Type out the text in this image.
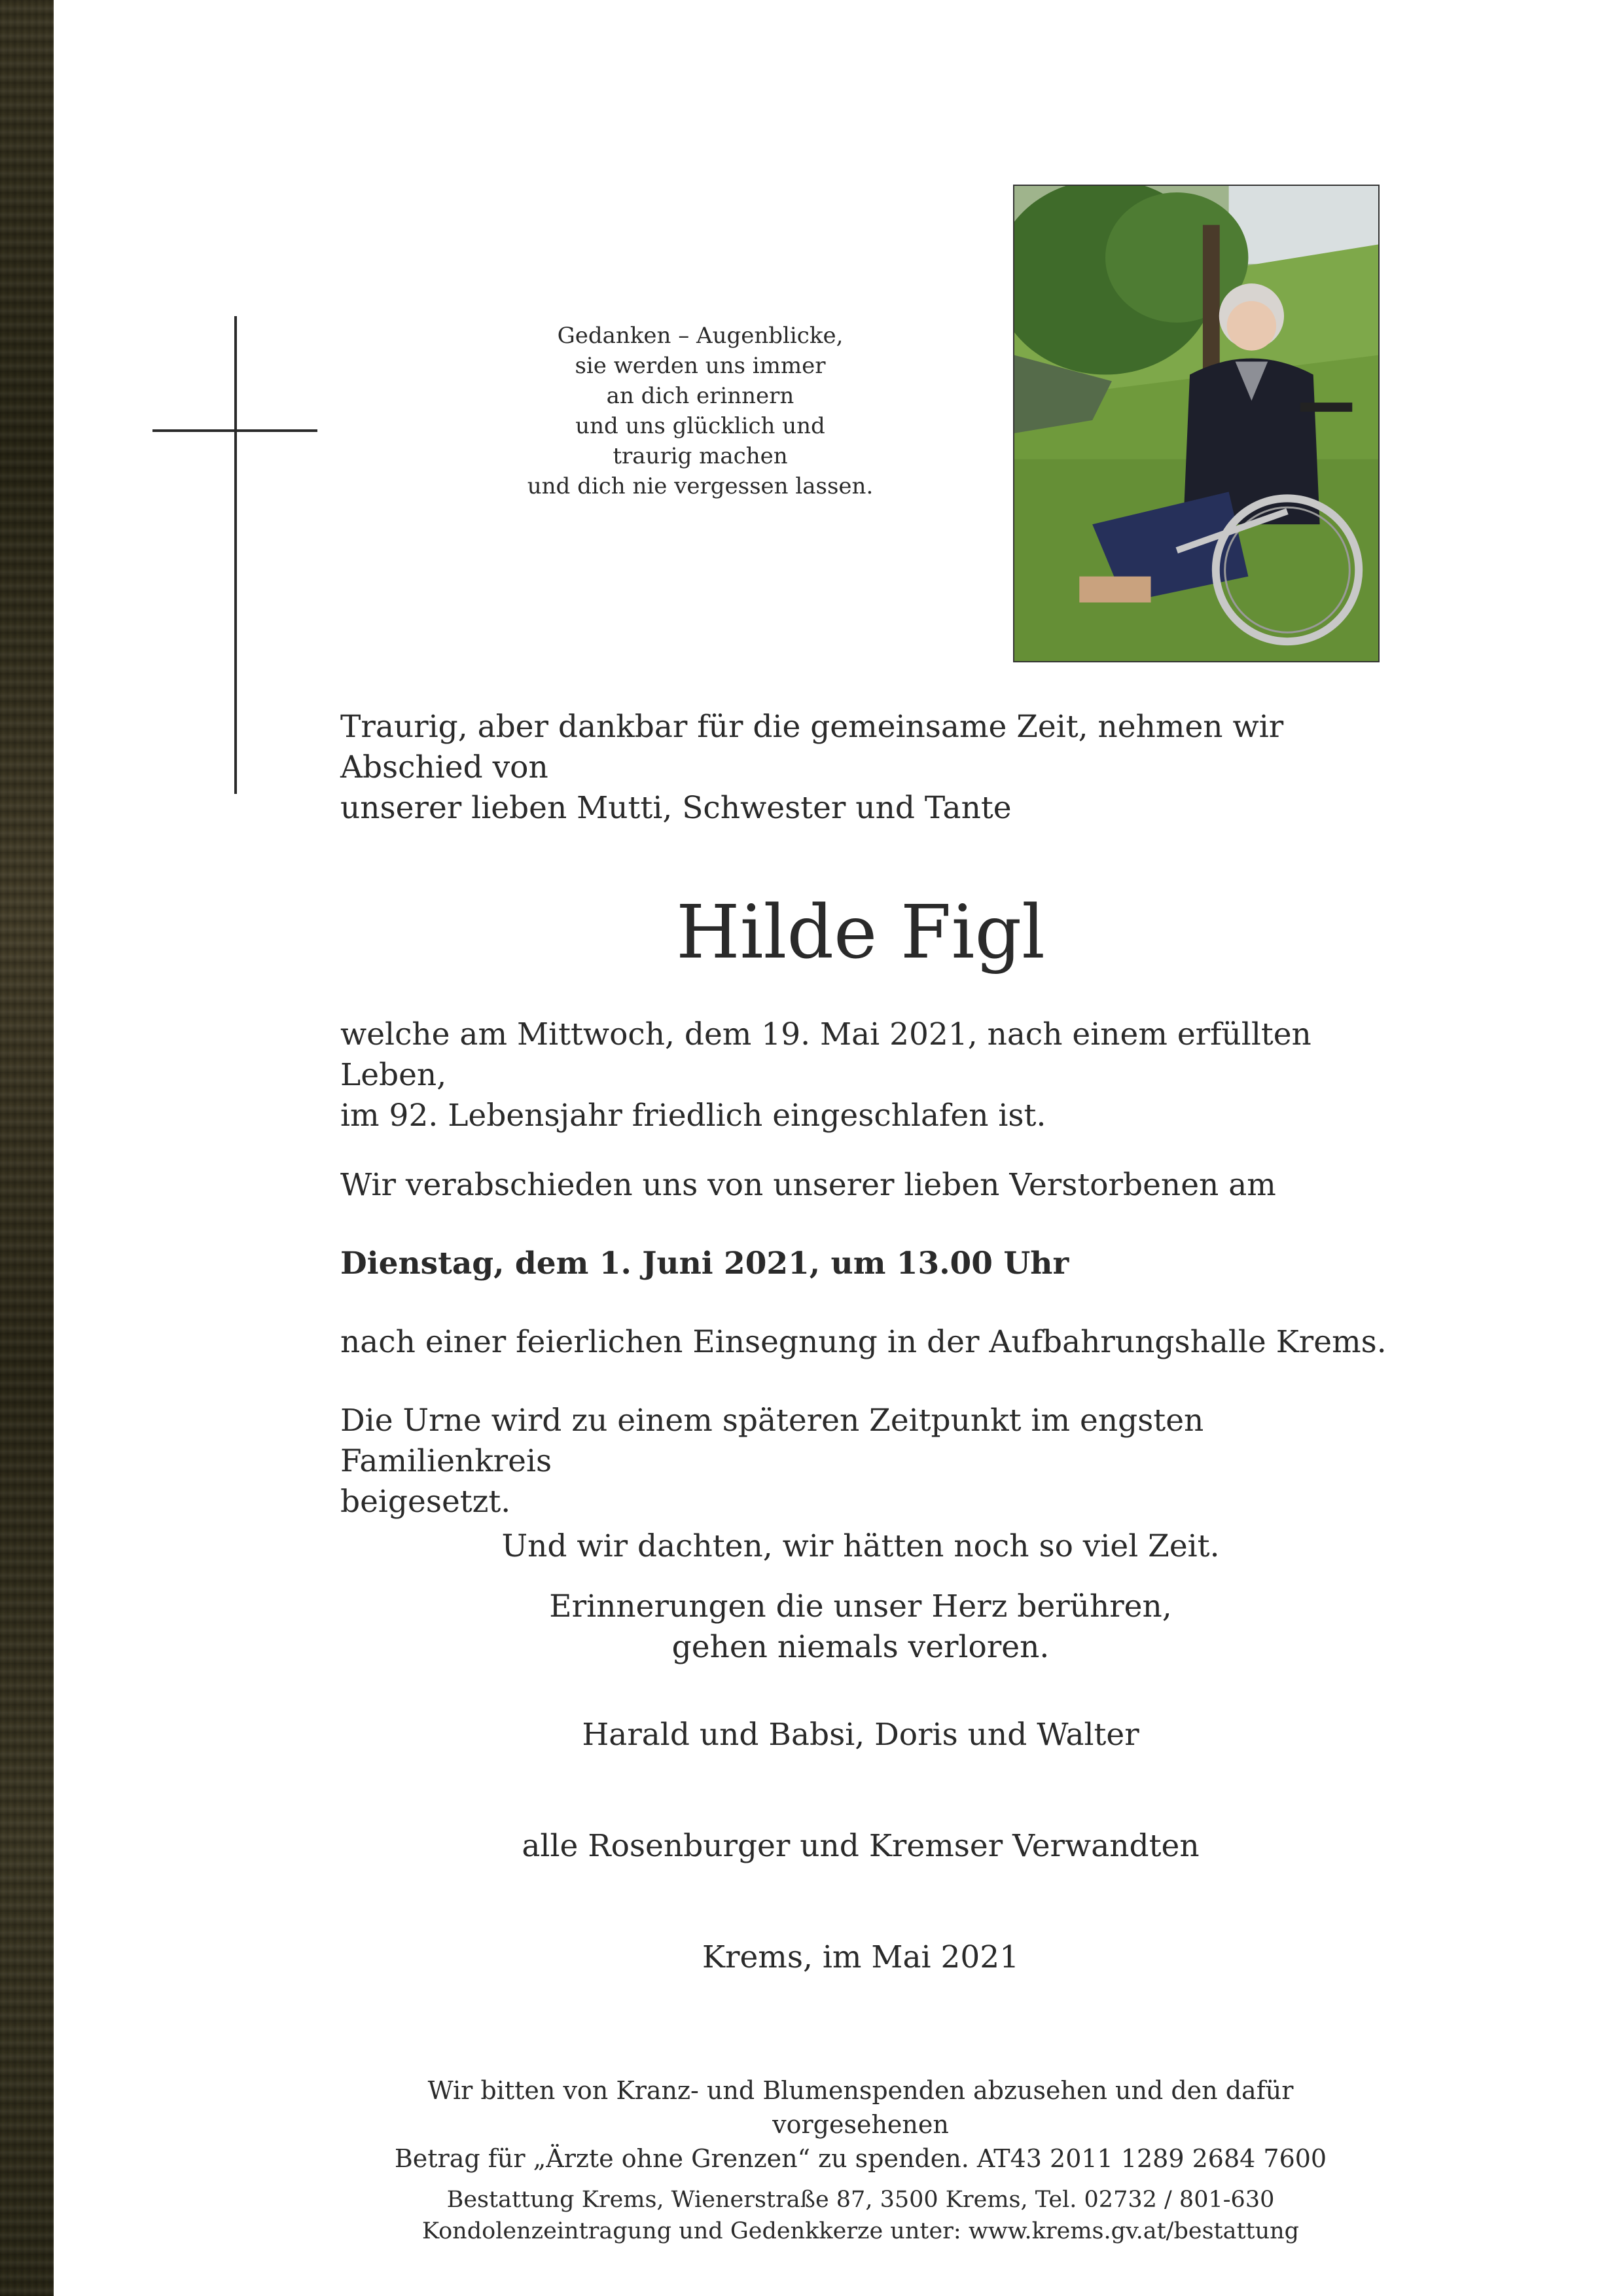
Gedanken – Augenblicke,
sie werden uns immer
an dich erinnern
und uns glücklich und
traurig machen
und dich nie vergessen lassen.
Traurig, aber dankbar für die gemeinsame Zeit, nehmen wir Abschied von
unserer lieben Mutti, Schwester und Tante
Hilde Figl
welche am Mittwoch, dem 19. Mai 2021, nach einem erfüllten Leben,
im 92. Lebensjahr friedlich eingeschlafen ist.
Wir verabschieden uns von unserer lieben Verstorbenen am
Dienstag, dem 1. Juni 2021, um 13.00 Uhr
nach einer feierlichen Einsegnung in der Aufbahrungshalle Krems.
Die Urne wird zu einem späteren Zeitpunkt im engsten Familienkreis
beigesetzt.
Und wir dachten, wir hätten noch so viel Zeit.
Erinnerungen die unser Herz berühren,
gehen niemals verloren.
Harald und Babsi, Doris und Walter
alle Rosenburger und Kremser Verwandten
Krems, im Mai 2021
Wir bitten von Kranz- und Blumenspenden abzusehen und den dafür vorgesehenen
Betrag für „Ärzte ohne Grenzen“ zu spenden. AT43 2011 1289 2684 7600
Bestattung Krems, Wienerstraße 87, 3500 Krems, Tel. 02732 / 801-630
Kondolenzeintragung und Gedenkkerze unter: www.krems.gv.at/bestattung
